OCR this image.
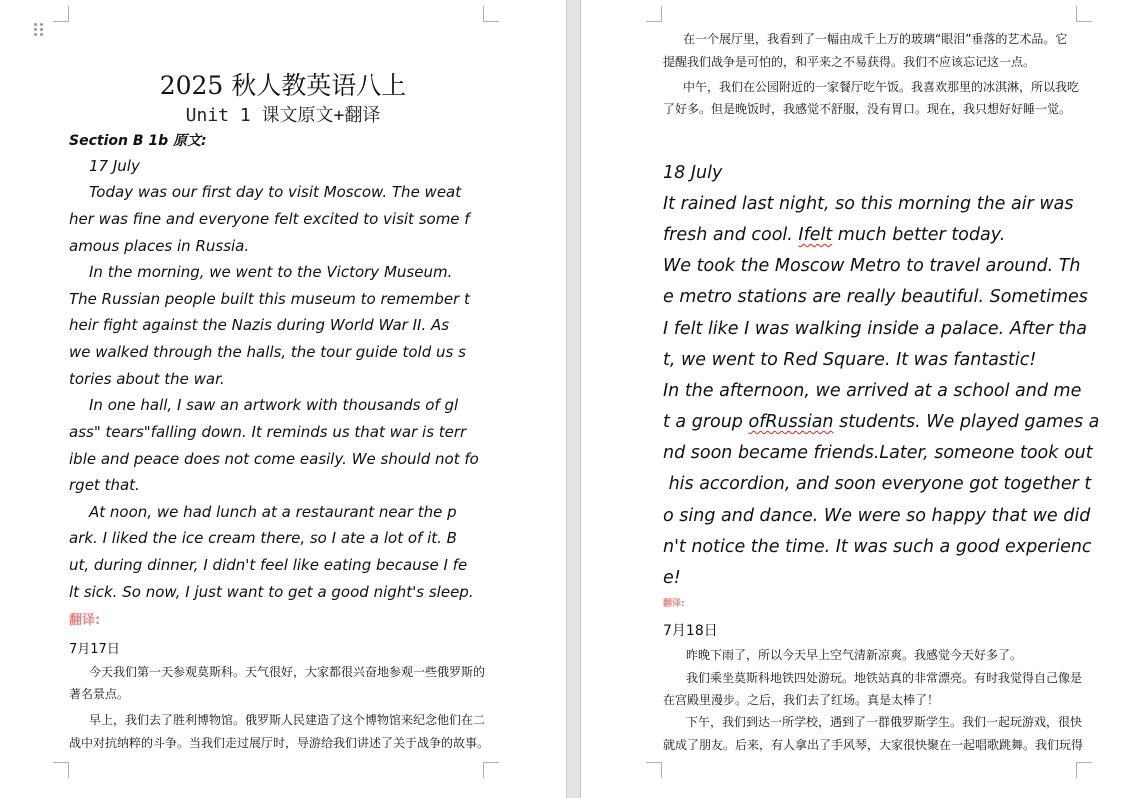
2025 秋人教英语八上
Unit 1 课文原文+翻译
Section B 1b 原文:
17 July
Today was our first day to visit Moscow. The weat
her was fine and everyone felt excited to visit some f
amous places in Russia.
In the morning, we went to the Victory Museum.
The Russian people built this museum to remember t
heir fight against the Nazis during World War II. As
we walked through the halls, the tour guide told us s
tories about the war.
In one hall, I saw an artwork with thousands of gl
ass" tears"falling down. It reminds us that war is terr
ible and peace does not come easily. We should not fo
rget that.
At noon, we had lunch at a restaurant near the p
ark. I liked the ice cream there, so I ate a lot of it. B
ut, during dinner, I didn't feel like eating because I fe
lt sick. So now, I just want to get a good night's sleep.
翻译:
7月17日
今天我们第一天参观莫斯科。天气很好，大家都很兴奋地参观一些俄罗斯的
著名景点。
早上，我们去了胜利博物馆。俄罗斯人民建造了这个博物馆来纪念他们在二
战中对抗纳粹的斗争。当我们走过展厅时，导游给我们讲述了关于战争的故事。
在一个展厅里，我看到了一幅由成千上万的玻璃“眼泪”垂落的艺术品。它
提醒我们战争是可怕的，和平来之不易获得。我们不应该忘记这一点。
中午，我们在公园附近的一家餐厅吃午饭。我喜欢那里的冰淇淋，所以我吃
了好多。但是晚饭时，我感觉不舒服，没有胃口。现在，我只想好好睡一觉。
18 July
It rained last night, so this morning the air was
fresh and cool. Ifelt much better today.
We took the Moscow Metro to travel around. Th
e metro stations are really beautiful. Sometimes
I felt like I was walking inside a palace. After tha
t, we went to Red Square. It was fantastic!
In the afternoon, we arrived at a school and me
t a group ofRussian students. We played games a
nd soon became friends.Later, someone took out
his accordion, and soon everyone got together t
o sing and dance. We were so happy that we did
n't notice the time. It was such a good experienc
e!
翻译:
7月18日
昨晚下雨了，所以今天早上空气清新凉爽。我感觉今天好多了。
我们乘坐莫斯科地铁四处游玩。地铁站真的非常漂亮。有时我觉得自己像是
在宫殿里漫步。之后，我们去了红场。真是太棒了！
下午，我们到达一所学校，遇到了一群俄罗斯学生。我们一起玩游戏，很快
就成了朋友。后来，有人拿出了手风琴，大家很快聚在一起唱歌跳舞。我们玩得
